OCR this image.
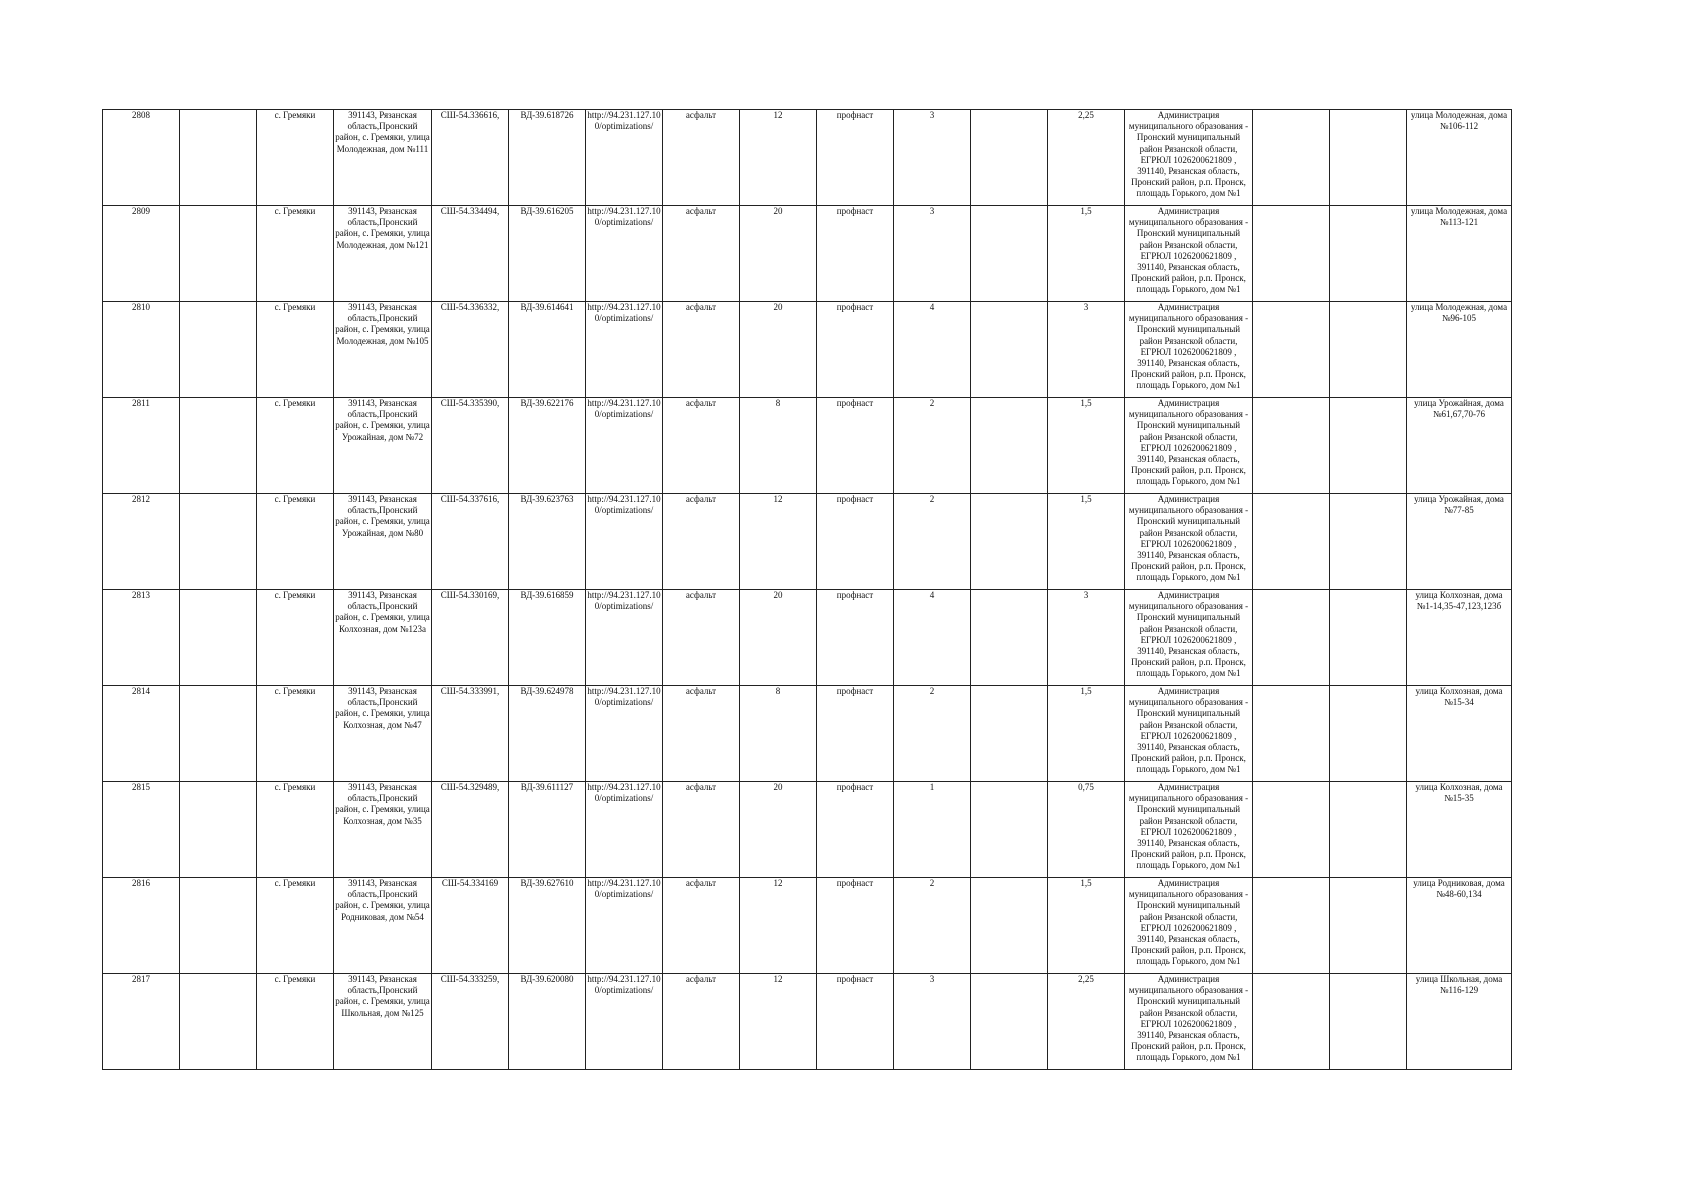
2808		с. Гремяки	391143, Рязанская область,Пронский район, с. Гремяки, улица Молодежная, дом №111	СШ-54.336616,	ВД-39.618726	http://94.231.127.100/optimizations/	асфальт	12	профнаст	3		2,25	Администрация муниципального образования - Пронский муниципальный район Рязанской области, ЕГРЮЛ 1026200621809 , 391140, Рязанская область, Пронский район, р.п. Пронск, площадь Горького, дом №1			улица Молодежная, дома №106-112
2809		с. Гремяки	391143, Рязанская область,Пронский район, с. Гремяки, улица Молодежная, дом №121	СШ-54.334494,	ВД-39.616205	http://94.231.127.100/optimizations/	асфальт	20	профнаст	3		1,5	Администрация муниципального образования - Пронский муниципальный район Рязанской области, ЕГРЮЛ 1026200621809 , 391140, Рязанская область, Пронский район, р.п. Пронск, площадь Горького, дом №1			улица Молодежная, дома №113-121
2810		с. Гремяки	391143, Рязанская область,Пронский район, с. Гремяки, улица Молодежная, дом №105	СШ-54.336332,	ВД-39.614641	http://94.231.127.100/optimizations/	асфальт	20	профнаст	4		3	Администрация муниципального образования - Пронский муниципальный район Рязанской области, ЕГРЮЛ 1026200621809 , 391140, Рязанская область, Пронский район, р.п. Пронск, площадь Горького, дом №1			улица Молодежная, дома №96-105
2811		с. Гремяки	391143, Рязанская область,Пронский район, с. Гремяки, улица Урожайная, дом №72	СШ-54.335390,	ВД-39.622176	http://94.231.127.100/optimizations/	асфальт	8	профнаст	2		1,5	Администрация муниципального образования - Пронский муниципальный район Рязанской области, ЕГРЮЛ 1026200621809 , 391140, Рязанская область, Пронский район, р.п. Пронск, площадь Горького, дом №1			улица Урожайная, дома №61,67,70-76
2812		с. Гремяки	391143, Рязанская область,Пронский район, с. Гремяки, улица Урожайная, дом №80	СШ-54.337616,	ВД-39.623763	http://94.231.127.100/optimizations/	асфальт	12	профнаст	2		1,5	Администрация муниципального образования - Пронский муниципальный район Рязанской области, ЕГРЮЛ 1026200621809 , 391140, Рязанская область, Пронский район, р.п. Пронск, площадь Горького, дом №1			улица Урожайная, дома №77-85
2813		с. Гремяки	391143, Рязанская область,Пронский район, с. Гремяки, улица Колхозная, дом №123а	СШ-54.330169,	ВД-39.616859	http://94.231.127.100/optimizations/	асфальт	20	профнаст	4		3	Администрация муниципального образования - Пронский муниципальный район Рязанской области, ЕГРЮЛ 1026200621809 , 391140, Рязанская область, Пронский район, р.п. Пронск, площадь Горького, дом №1			улица Колхозная, дома №1-14,35-47,123,123б
2814		с. Гремяки	391143, Рязанская область,Пронский район, с. Гремяки, улица Колхозная, дом №47	СШ-54.333991,	ВД-39.624978	http://94.231.127.100/optimizations/	асфальт	8	профнаст	2		1,5	Администрация муниципального образования - Пронский муниципальный район Рязанской области, ЕГРЮЛ 1026200621809 , 391140, Рязанская область, Пронский район, р.п. Пронск, площадь Горького, дом №1			улица Колхозная, дома №15-34
2815		с. Гремяки	391143, Рязанская область,Пронский район, с. Гремяки, улица Колхозная, дом №35	СШ-54.329489,	ВД-39.611127	http://94.231.127.100/optimizations/	асфальт	20	профнаст	1		0,75	Администрация муниципального образования - Пронский муниципальный район Рязанской области, ЕГРЮЛ 1026200621809 , 391140, Рязанская область, Пронский район, р.п. Пронск, площадь Горького, дом №1			улица Колхозная, дома №15-35
2816		с. Гремяки	391143, Рязанская область,Пронский район, с. Гремяки, улица Родниковая, дом №54	СШ-54.334169	ВД-39.627610	http://94.231.127.100/optimizations/	асфальт	12	профнаст	2		1,5	Администрация муниципального образования - Пронский муниципальный район Рязанской области, ЕГРЮЛ 1026200621809 , 391140, Рязанская область, Пронский район, р.п. Пронск, площадь Горького, дом №1			улица Родниковая, дома №48-60,134
2817		с. Гремяки	391143, Рязанская область,Пронский район, с. Гремяки, улица Школьная, дом №125	СШ-54.333259,	ВД-39.620080	http://94.231.127.100/optimizations/	асфальт	12	профнаст	3		2,25	Администрация муниципального образования - Пронский муниципальный район Рязанской области, ЕГРЮЛ 1026200621809 , 391140, Рязанская область, Пронский район, р.п. Пронск, площадь Горького, дом №1			улица Школьная, дома №116-129
